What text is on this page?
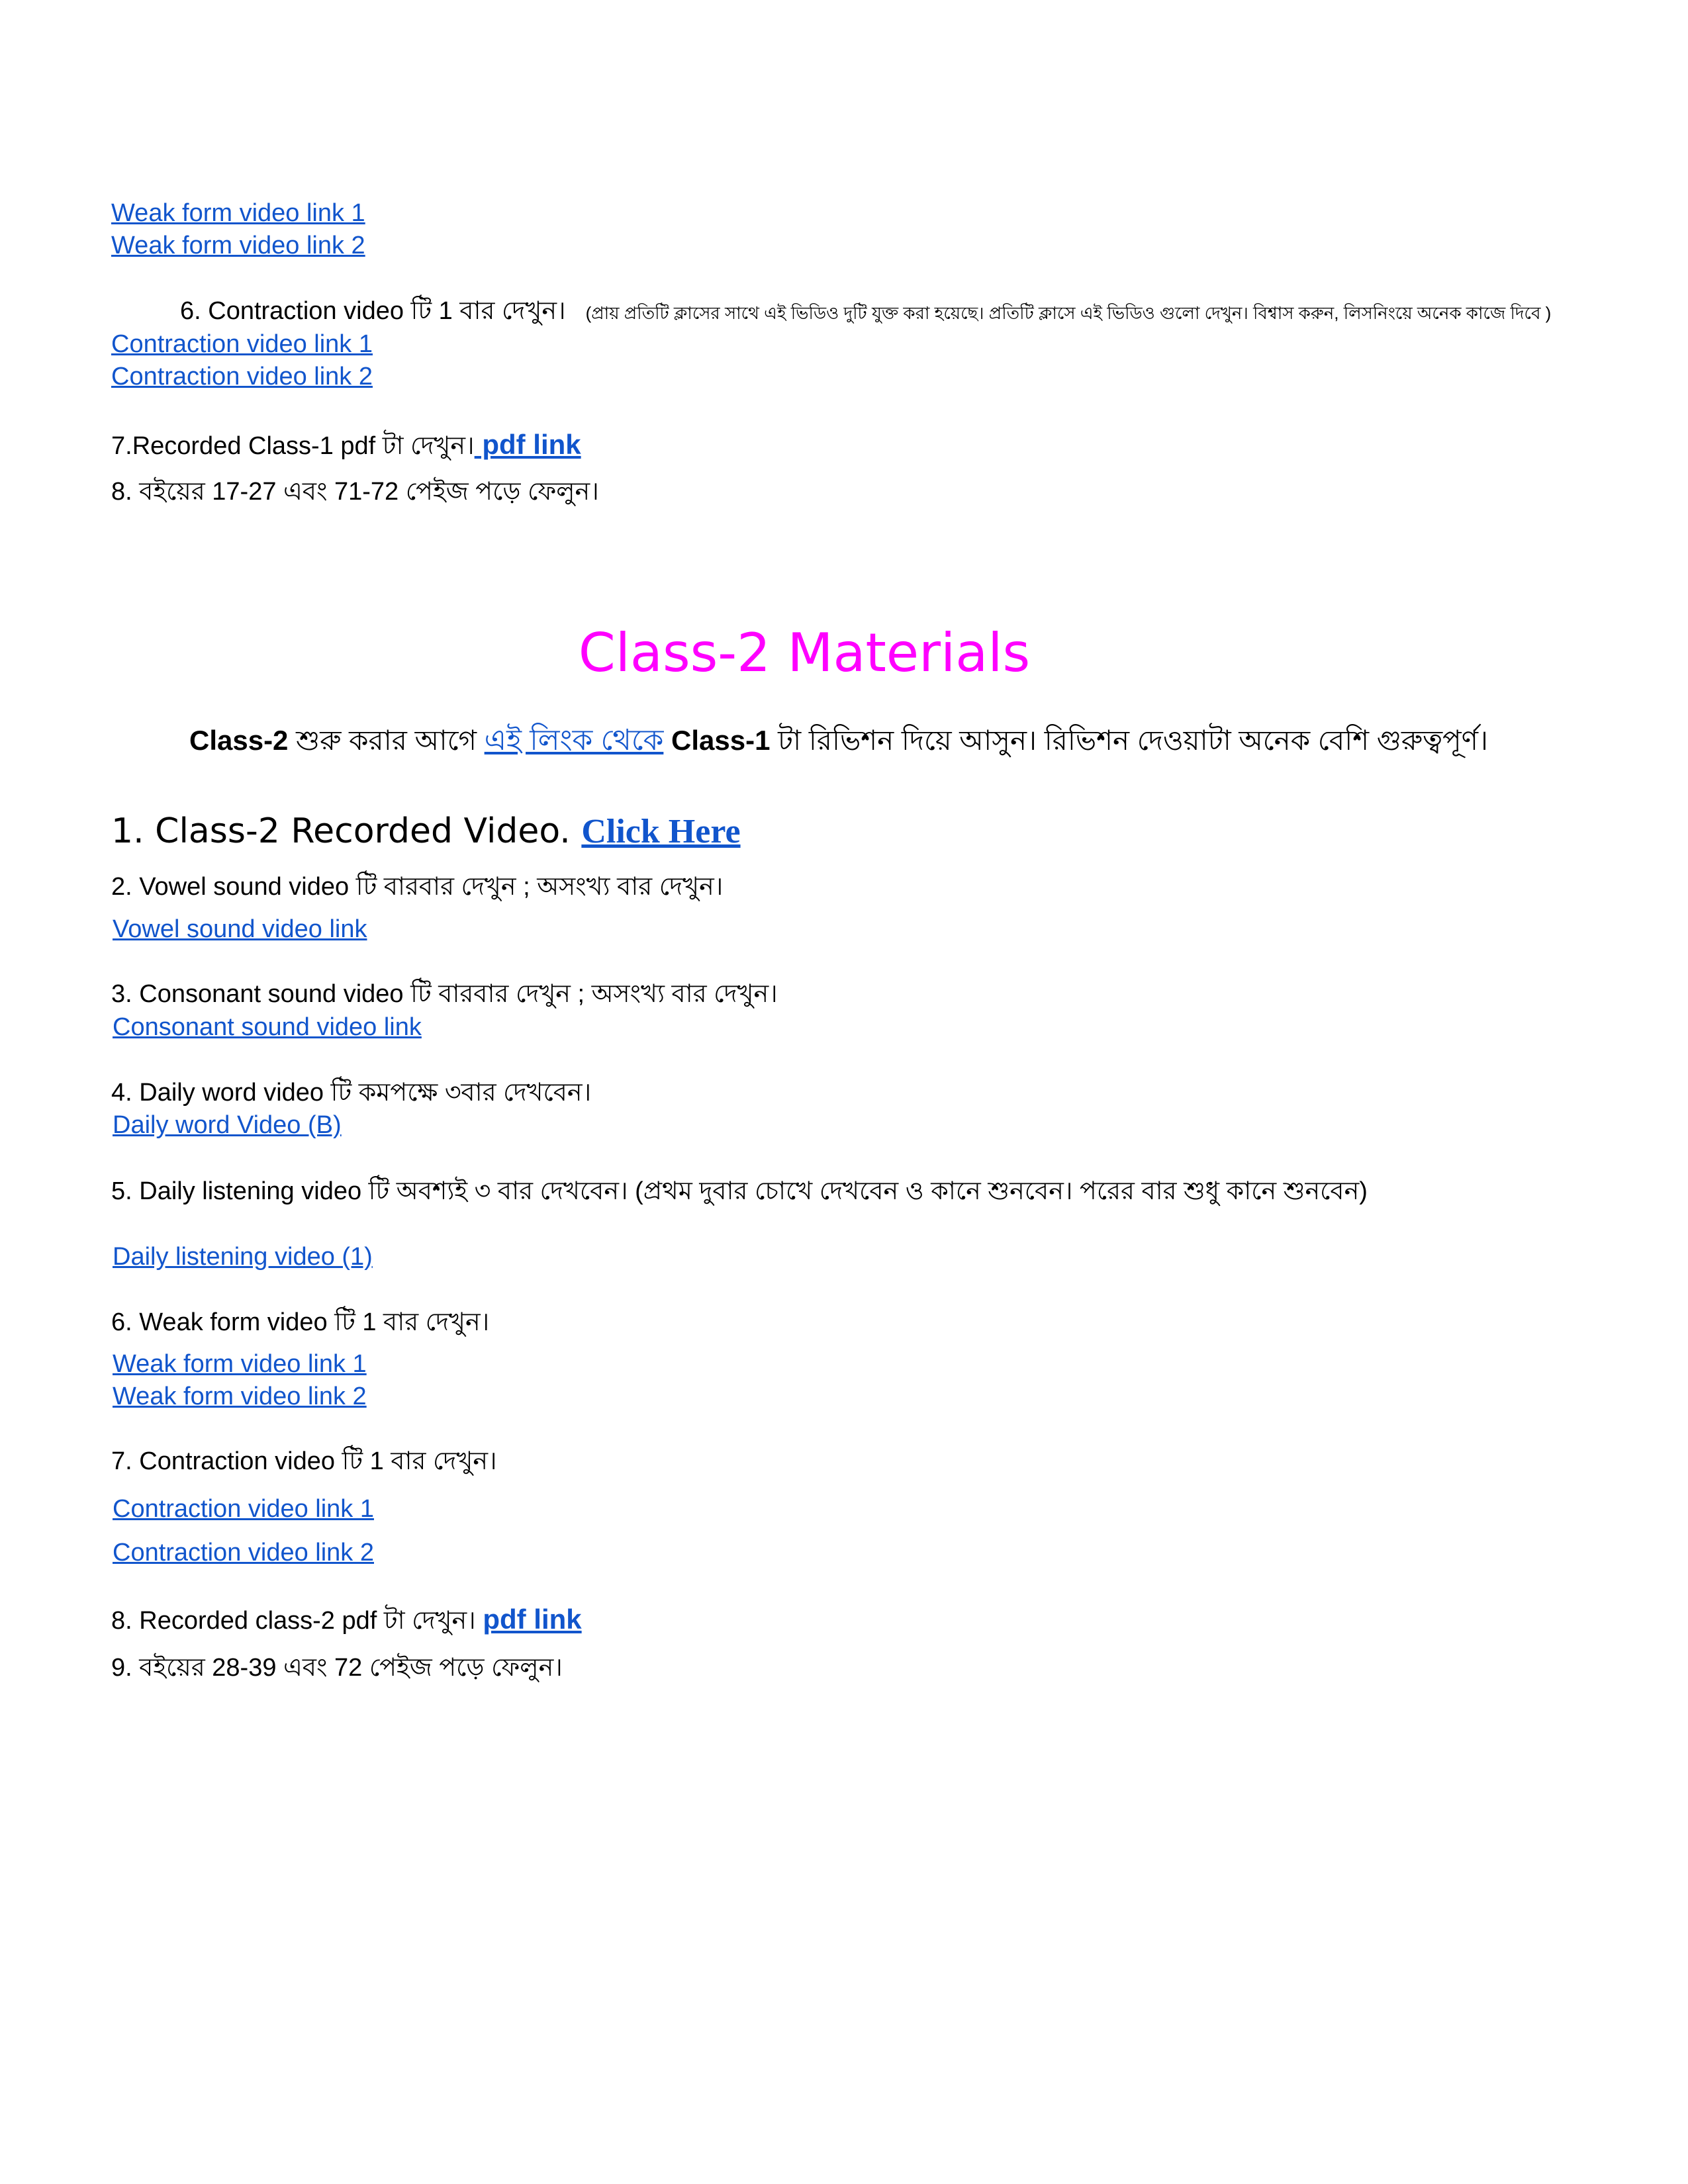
Weak form video link 1
Weak form video link 2
6. Contraction video টি 1 বার দেখুন। (প্রায় প্রতিটি ক্লাসের সাথে এই ভিডিও দুটি যুক্ত করা হয়েছে। প্রতিটি ক্লাসে এই ভিডিও গুলো দেখুন। বিশ্বাস করুন, লিসনিংয়ে অনেক কাজে দিবে )
Contraction video link 1
Contraction video link 2
7.Recorded Class-1 pdf টা দেখুন। pdf link
8. বইয়ের 17-27 এবং 71-72 পেইজ পড়ে ফেলুন।
Class-2 Materials
Class-2 শুরু করার আগে এই লিংক থেকে Class-1 টা রিভিশন দিয়ে আসুন। রিভিশন দেওয়াটা অনেক বেশি গুরুত্বপূর্ণ।
1. Class-2 Recorded Video. Click Here
2. Vowel sound video টি বারবার দেখুন ; অসংখ্য বার দেখুন।
Vowel sound video link
3. Consonant sound video টি বারবার দেখুন ; অসংখ্য বার দেখুন।
Consonant sound video link
4. Daily word video টি কমপক্ষে ৩বার দেখবেন।
Daily word Video (B)
5. Daily listening video টি অবশ্যই ৩ বার দেখবেন। (প্রথম দুবার চোখে দেখবেন ও কানে শুনবেন। পরের বার শুধু কানে শুনবেন)
Daily listening video (1)
6. Weak form video টি 1 বার দেখুন।
Weak form video link 1
Weak form video link 2
7. Contraction video টি 1 বার দেখুন।
Contraction video link 1
Contraction video link 2
8. Recorded class-2 pdf টা দেখুন। pdf link
9. বইয়ের 28-39 এবং 72 পেইজ পড়ে ফেলুন।
